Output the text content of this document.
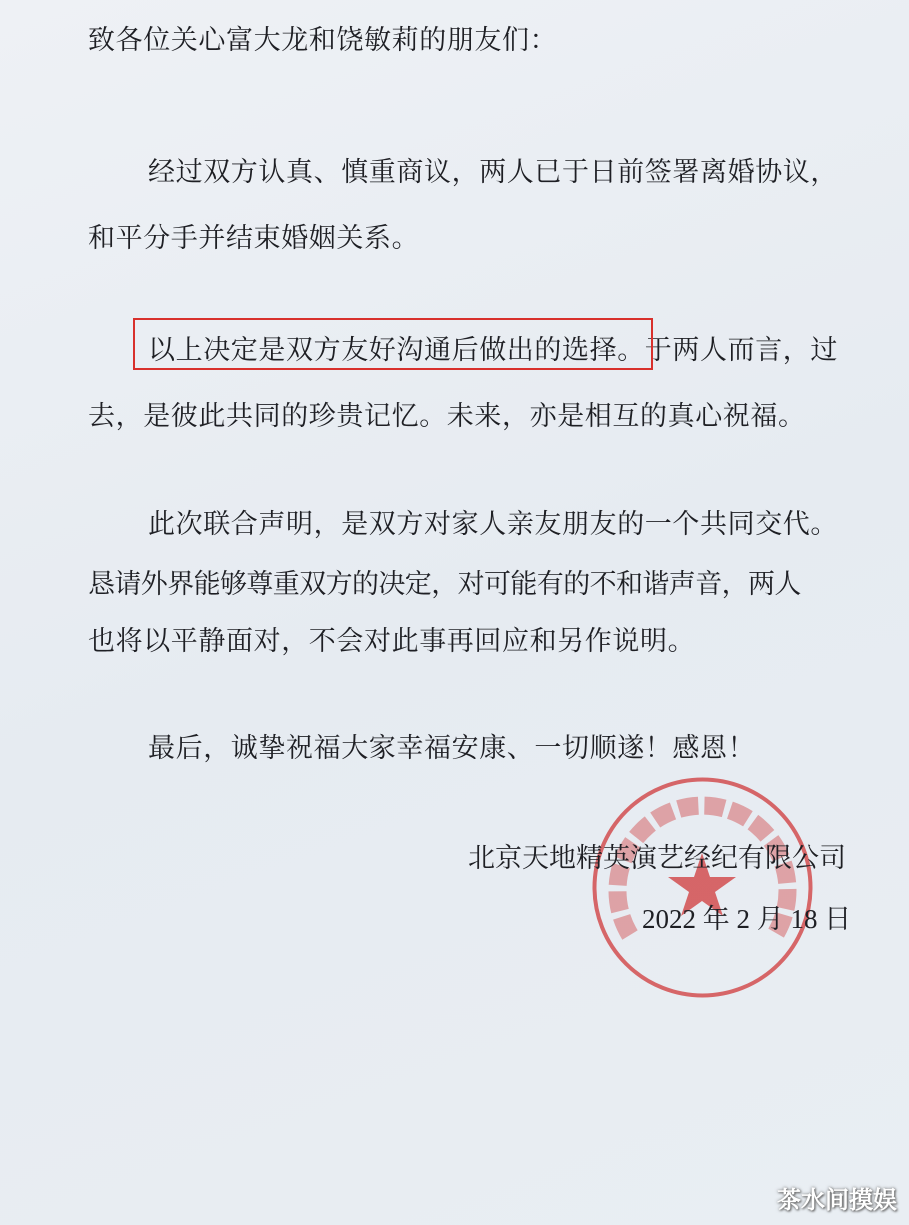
致各位关心富大龙和饶敏莉的朋友们：
经过双方认真、慎重商议，两人已于日前签署离婚协议，
和平分手并结束婚姻关系。
以上决定是双方友好沟通后做出的选择。于两人而言，过
去，是彼此共同的珍贵记忆。未来，亦是相互的真心祝福。
此次联合声明，是双方对家人亲友朋友的一个共同交代。
恳请外界能够尊重双方的决定，对可能有的不和谐声音，两人
也将以平静面对，不会对此事再回应和另作说明。
最后，诚挚祝福大家幸福安康、一切顺遂！感恩！
北京天地精英演艺经纪有限公司
2022 年 2 月 18 日
茶水间摸娱
